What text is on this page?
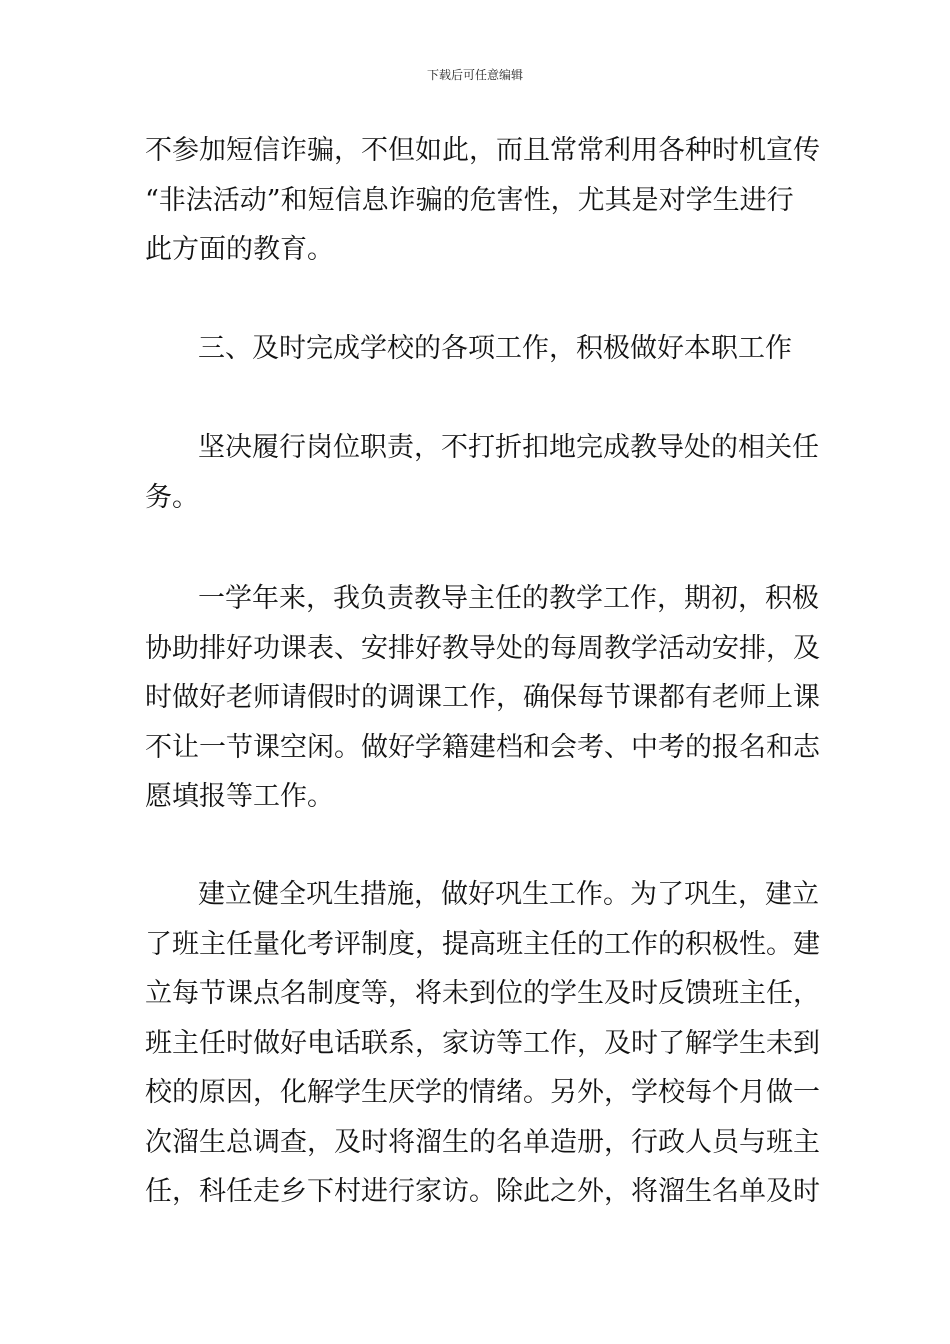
下载后可任意编辑
不参加短信诈骗，不但如此，而且常常利用各种时机宣传
“非法活动”和短信息诈骗的危害性，尤其是对学生进行
此方面的教育。
三、及时完成学校的各项工作，积极做好本职工作
坚决履行岗位职责，不打折扣地完成教导处的相关任
务。
一学年来，我负责教导主任的教学工作，期初，积极
协助排好功课表、安排好教导处的每周教学活动安排，及
时做好老师请假时的调课工作，确保每节课都有老师上课
不让一节课空闲。做好学籍建档和会考、中考的报名和志
愿填报等工作。
建立健全巩生措施，做好巩生工作。为了巩生，建立
了班主任量化考评制度，提高班主任的工作的积极性。建
立每节课点名制度等，将未到位的学生及时反馈班主任，
班主任时做好电话联系，家访等工作，及时了解学生未到
校的原因，化解学生厌学的情绪。另外，学校每个月做一
次溜生总调查，及时将溜生的名单造册，行政人员与班主
任，科任走乡下村进行家访。除此之外，将溜生名单及时
